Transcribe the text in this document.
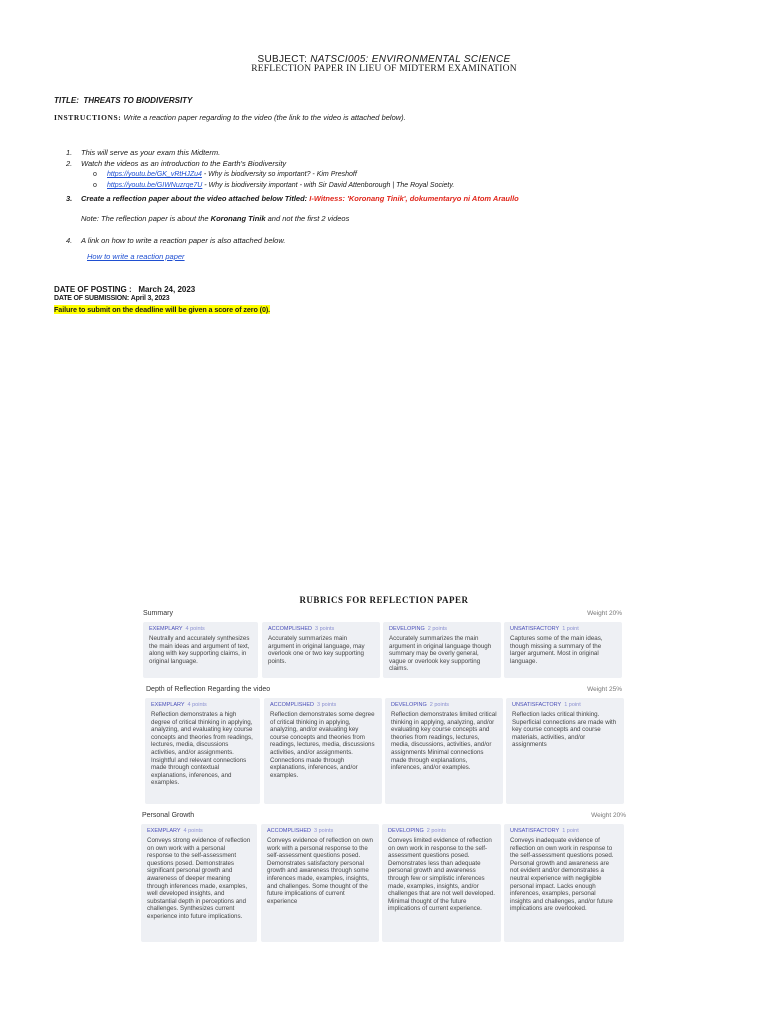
SUBJECT: NATSCI005: ENVIRONMENTAL SCIENCE
REFLECTION PAPER IN LIEU OF MIDTERM EXAMINATION
TITLE: THREATS TO BIODIVERSITY
INSTRUCTIONS: Write a reaction paper regarding to the video (the link to the video is attached below).
1. This will serve as your exam this Midterm.
2. Watch the videos as an introduction to the Earth's Biodiversity
o https://youtu.be/GK_vRtHJZu4 - Why is biodiversity so important? - Kim Preshoff
o https://youtu.be/GIWNuzrqe7U - Why is biodiversity important - with Sir David Attenborough | The Royal Society.
3. Create a reflection paper about the video attached below Titled: I-Witness: 'Koronang Tinik', dokumentaryo ni Atom Araullo
Note: The reflection paper is about the Koronang Tinik and not the first 2 videos
4. A link on how to write a reaction paper is also attached below.
How to write a reaction paper
DATE OF POSTING : March 24, 2023
DATE OF SUBMISSION: April 3, 2023
Failure to submit on the deadline will be given a score of zero (0).
RUBRICS FOR REFLECTION PAPER
Summary	Weight 20%
EXEMPLARY 4 points
Neutrally and accurately synthesizes the main ideas and argument of text, along with key supporting claims, in original language.
ACCOMPLISHED 3 points
Accurately summarizes main argument in original language, may overlook one or two key supporting points.
DEVELOPING 2 points
Accurately summarizes the main argument in original language though summary may be overly general, vague or overlook key supporting claims.
UNSATISFACTORY 1 point
Captures some of the main ideas, though missing a summary of the larger argument. Most in original language.
Depth of Reflection Regarding the video	Weight 25%
EXEMPLARY 4 points
Reflection demonstrates a high degree of critical thinking in applying, analyzing, and evaluating key course concepts and theories from readings, lectures, media, discussions activities, and/or assignments. Insightful and relevant connections made through contextual explanations, inferences, and examples.
ACCOMPLISHED 3 points
Reflection demonstrates some degree of critical thinking in applying, analyzing, and/or evaluating key course concepts and theories from readings, lectures, media, discussions activities, and/or assignments. Connections made through explanations, inferences, and/or examples.
DEVELOPING 2 points
Reflection demonstrates limited critical thinking in applying, analyzing, and/or evaluating key course concepts and theories from readings, lectures, media, discussions, activities, and/or assignments Minimal connections made through explanations, inferences, and/or examples.
UNSATISFACTORY 1 point
Reflection lacks critical thinking. Superficial connections are made with key course concepts and course materials, activities, and/or assignments
Personal Growth	Weight 20%
EXEMPLARY 4 points
Conveys strong evidence of reflection on own work with a personal response to the self-assessment questions posed. Demonstrates significant personal growth and awareness of deeper meaning through inferences made, examples, well developed insights, and substantial depth in perceptions and challenges. Synthesizes current experience into future implications.
ACCOMPLISHED 3 points
Conveys evidence of reflection on own work with a personal response to the self-assessment questions posed. Demonstrates satisfactory personal growth and awareness through some inferences made, examples, insights, and challenges. Some thought of the future implications of current experience
DEVELOPING 2 points
Conveys limited evidence of reflection on own work in response to the self-assessment questions posed. Demonstrates less than adequate personal growth and awareness through few or simplistic inferences made, examples, insights, and/or challenges that are not well developed. Minimal thought of the future implications of current experience.
UNSATISFACTORY 1 point
Conveys inadequate evidence of reflection on own work in response to the self-assessment questions posed. Personal growth and awareness are not evident and/or demonstrates a neutral experience with negligible personal impact. Lacks enough inferences, examples, personal insights and challenges, and/or future implications are overlooked.
